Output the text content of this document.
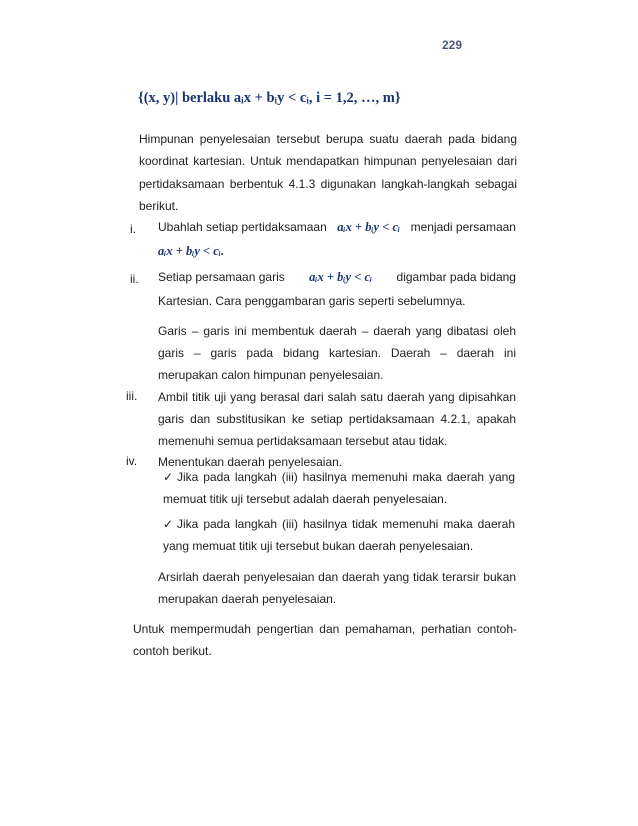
229
{(x, y)| berlaku aᵢx + bᵢy < cᵢ, i = 1,2, …, m}
Himpunan penyelesaian tersebut berupa suatu daerah pada bidang koordinat kartesian. Untuk mendapatkan himpunan penyelesaian dari pertidaksamaan berbentuk 4.1.3 digunakan langkah-langkah sebagai berikut.
i. Ubahlah setiap pertidaksamaan aᵢx + bᵢy < cᵢ menjadi persamaan
aᵢx + bᵢy < cᵢ.
ii. Setiap persamaan garis aᵢx + bᵢy < cᵢ digambar pada bidang
Kartesian. Cara penggambaran garis seperti sebelumnya.
Garis – garis ini membentuk daerah – daerah yang dibatasi oleh garis – garis pada bidang kartesian. Daerah – daerah ini merupakan calon himpunan penyelesaian.
iii. Ambil titik uji yang berasal dari salah satu daerah yang dipisahkan garis dan substitusikan ke setiap pertidaksamaan 4.2.1, apakah memenuhi semua pertidaksamaan tersebut atau tidak.
iv. Menentukan daerah penyelesaian.
✓ Jika pada langkah (iii) hasilnya memenuhi maka daerah yang memuat titik uji tersebut adalah daerah penyelesaian.
✓ Jika pada langkah (iii) hasilnya tidak memenuhi maka daerah yang memuat titik uji tersebut bukan daerah penyelesaian.
Arsirlah daerah penyelesaian dan daerah yang tidak terarsir bukan merupakan daerah penyelesaian.
Untuk mempermudah pengertian dan pemahaman, perhatian contoh-contoh berikut.
